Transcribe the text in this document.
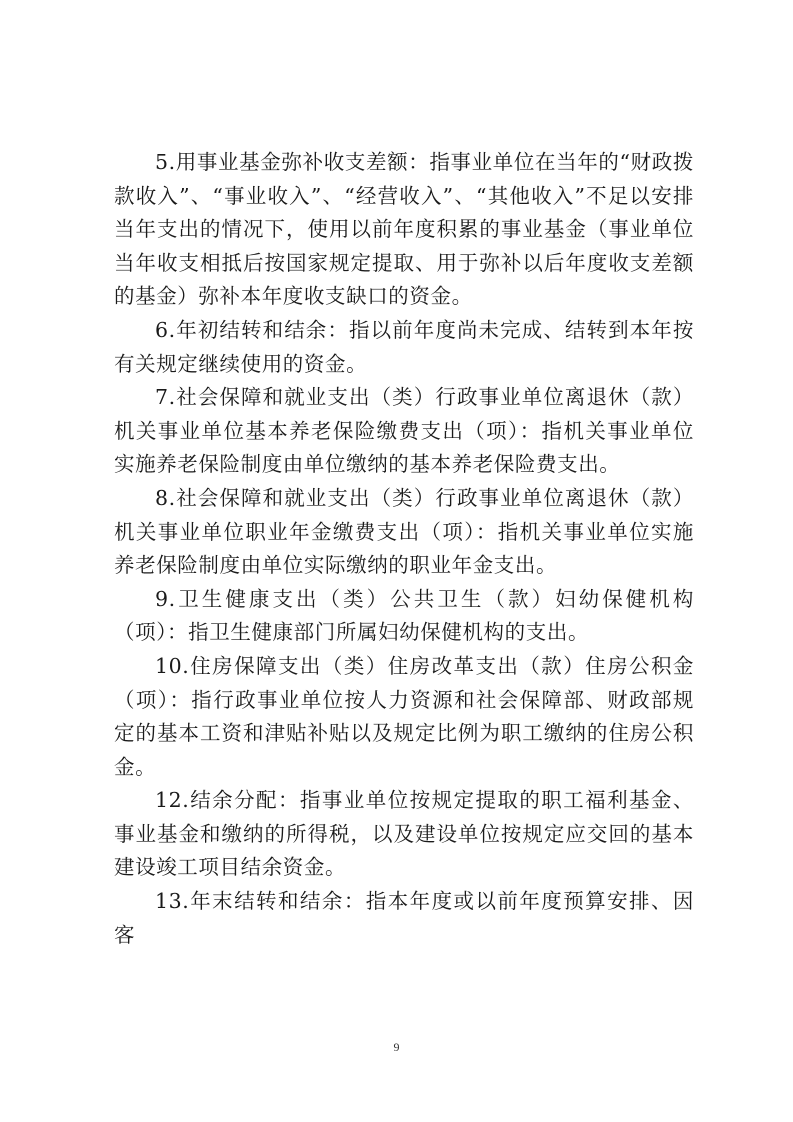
5.用事业基金弥补收支差额：指事业单位在当年的“财政拨款收入”、“事业收入”、“经营收入”、“其他收入”不足以安排当年支出的情况下，使用以前年度积累的事业基金（事业单位当年收支相抵后按国家规定提取、用于弥补以后年度收支差额的基金）弥补本年度收支缺口的资金。

6.年初结转和结余：指以前年度尚未完成、结转到本年按有关规定继续使用的资金。

7.社会保障和就业支出（类）行政事业单位离退休（款）机关事业单位基本养老保险缴费支出（项）：指机关事业单位实施养老保险制度由单位缴纳的基本养老保险费支出。

8.社会保障和就业支出（类）行政事业单位离退休（款）机关事业单位职业年金缴费支出（项）：指机关事业单位实施养老保险制度由单位实际缴纳的职业年金支出。

9.卫生健康支出（类）公共卫生（款）妇幼保健机构（项）：指卫生健康部门所属妇幼保健机构的支出。

10.住房保障支出（类）住房改革支出（款）住房公积金（项）：指行政事业单位按人力资源和社会保障部、财政部规定的基本工资和津贴补贴以及规定比例为职工缴纳的住房公积金。

12.结余分配：指事业单位按规定提取的职工福利基金、事业基金和缴纳的所得税，以及建设单位按规定应交回的基本建设竣工项目结余资金。

13.年末结转和结余：指本年度或以前年度预算安排、因客

9
